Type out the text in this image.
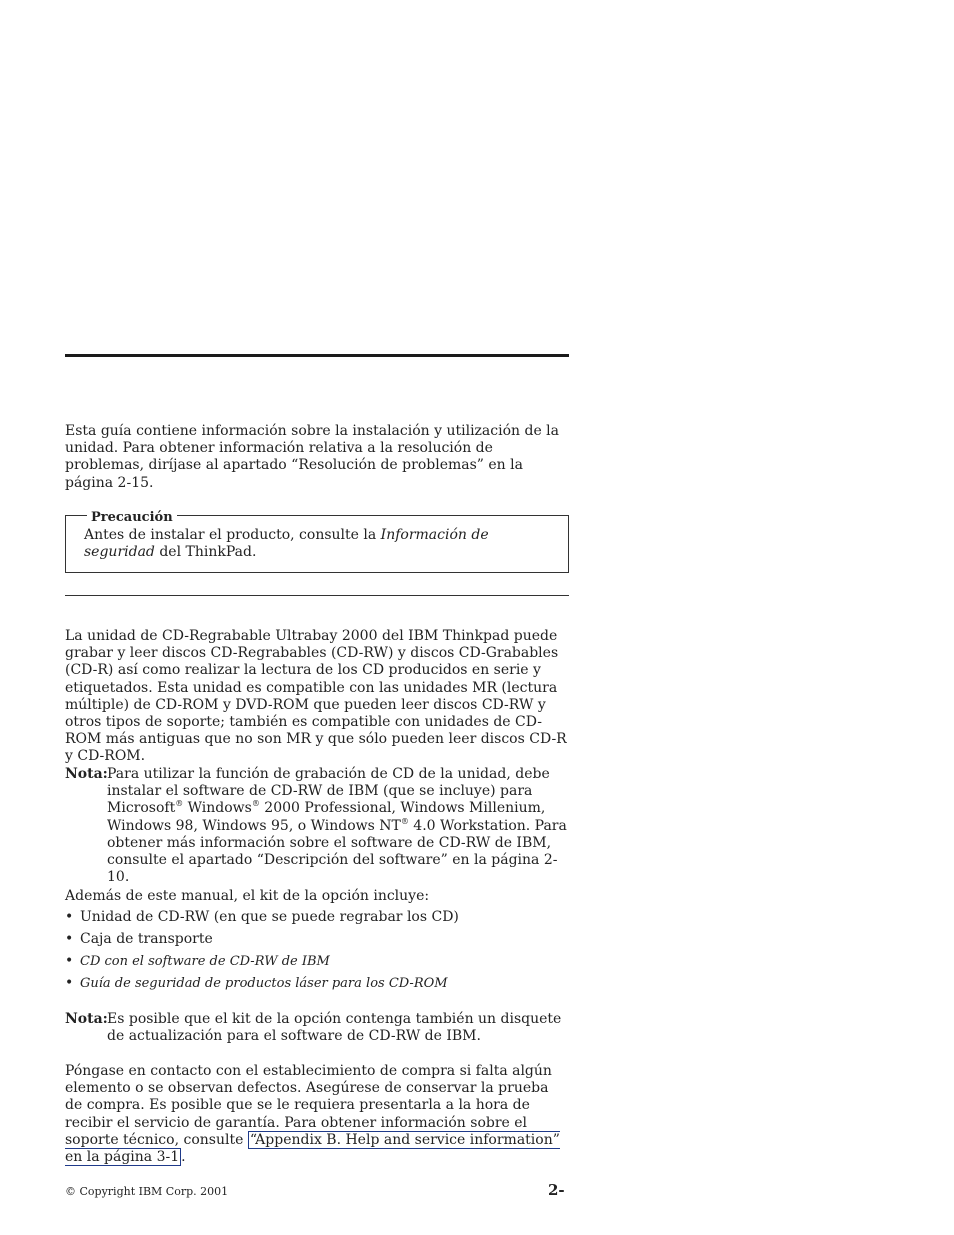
Esta guía contiene información sobre la instalación y utilización de la unidad. Para obtener información relativa a la resolución de problemas, diríjase al apartado “Resolución de problemas” en la página 2-15.
Precaución
Antes de instalar el producto, consulte la Información de seguridad del ThinkPad.
La unidad de CD-Regrabable Ultrabay 2000 del IBM Thinkpad puede grabar y leer discos CD-Regrabables (CD-RW) y discos CD-Grabables (CD-R) así como realizar la lectura de los CD producidos en serie y etiquetados. Esta unidad es compatible con las unidades MR (lectura múltiple) de CD-ROM y DVD-ROM que pueden leer discos CD-RW y otros tipos de soporte; también es compatible con unidades de CD-ROM más antiguas que no son MR y que sólo pueden leer discos CD-R y CD-ROM.
Nota: Para utilizar la función de grabación de CD de la unidad, debe instalar el software de CD-RW de IBM (que se incluye) para Microsoft® Windows® 2000 Professional, Windows Millenium, Windows 98, Windows 95, o Windows NT® 4.0 Workstation. Para obtener más información sobre el software de CD-RW de IBM, consulte el apartado “Descripción del software” en la página 2-10.
Además de este manual, el kit de la opción incluye:
• Unidad de CD-RW (en que se puede regrabar los CD)
• Caja de transporte
• CD con el software de CD-RW de IBM
• Guía de seguridad de productos láser para los CD-ROM
Nota: Es posible que el kit de la opción contenga también un disquete de actualización para el software de CD-RW de IBM.
Póngase en contacto con el establecimiento de compra si falta algún elemento o se observan defectos. Asegúrese de conservar la prueba de compra. Es posible que se le requiera presentarla a la hora de recibir el servicio de garantía. Para obtener información sobre el soporte técnico, consulte “Appendix B. Help and service information” en la página 3-1 .
© Copyright IBM Corp. 2001	2-
